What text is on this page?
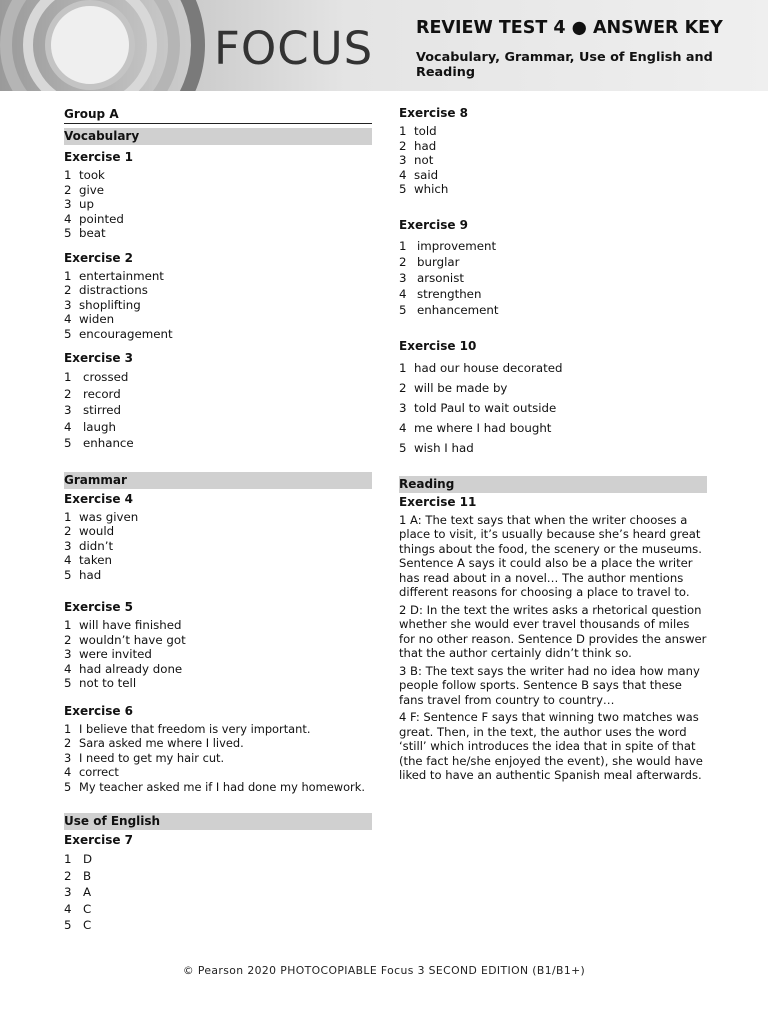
FOCUS REVIEW TEST 4 ● ANSWER KEY
Vocabulary, Grammar, Use of English and Reading
Group A
Vocabulary
Exercise 1
1 took
2 give
3 up
4 pointed
5 beat
Exercise 2
1 entertainment
2 distractions
3 shoplifting
4 widen
5 encouragement
Exercise 3
1 crossed
2 record
3 stirred
4 laugh
5 enhance
Grammar
Exercise 4
1 was given
2 would
3 didn’t
4 taken
5 had
Exercise 5
1 will have finished
2 wouldn’t have got
3 were invited
4 had already done
5 not to tell
Exercise 6
1 I believe that freedom is very important.
2 Sara asked me where I lived.
3 I need to get my hair cut.
4 correct
5 My teacher asked me if I had done my homework.
Use of English
Exercise 7
1 D
2 B
3 A
4 C
5 C
Exercise 8
1 told
2 had
3 not
4 said
5 which
Exercise 9
1 improvement
2 burglar
3 arsonist
4 strengthen
5 enhancement
Exercise 10
1 had our house decorated
2 will be made by
3 told Paul to wait outside
4 me where I had bought
5 wish I had
Reading
Exercise 11

1 A: The text says that when the writer chooses a place to visit, it’s usually because she’s heard great things about the food, the scenery or the museums. Sentence A says it could also be a place the writer has read about in a novel… The author mentions different reasons for choosing a place to travel to.

2 D: In the text the writes asks a rhetorical question whether she would ever travel thousands of miles for no other reason. Sentence D provides the answer that the author certainly didn’t think so.

3 B: The text says the writer had no idea how many people follow sports. Sentence B says that these fans travel from country to country…

4 F: Sentence F says that winning two matches was great. Then, in the text, the author uses the word ‘still’ which introduces the idea that in spite of that (the fact he/she enjoyed the event), she would have liked to have an authentic Spanish meal afterwards.

© Pearson 2020 PHOTOCOPIABLE Focus 3 SECOND EDITION (B1/B1+)
